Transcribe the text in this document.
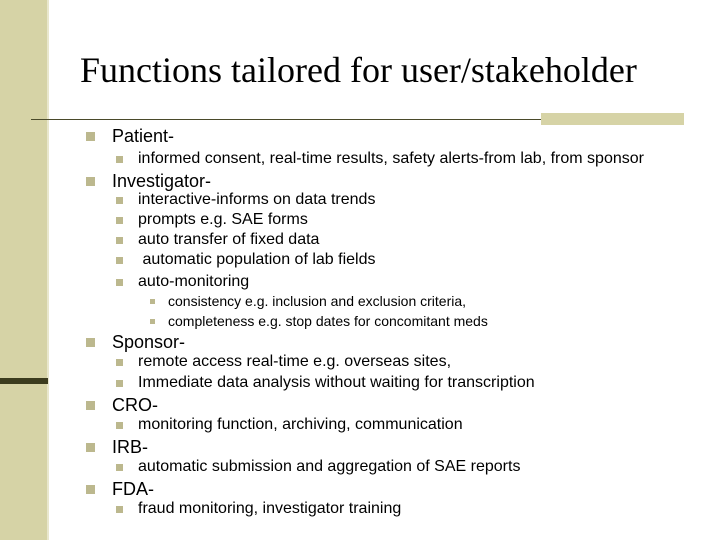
Functions tailored for user/stakeholder
Patient-
informed consent, real-time results, safety alerts-from lab, from sponsor
Investigator-
interactive-informs on data trends
prompts e.g. SAE forms
auto transfer of fixed data
automatic population of lab fields
auto-monitoring
consistency e.g. inclusion and exclusion criteria,
completeness e.g. stop dates for concomitant meds
Sponsor-
remote access real-time e.g. overseas sites,
Immediate data analysis without waiting for transcription
CRO-
monitoring function, archiving, communication
IRB-
automatic submission and aggregation of SAE reports
FDA-
fraud monitoring, investigator training
